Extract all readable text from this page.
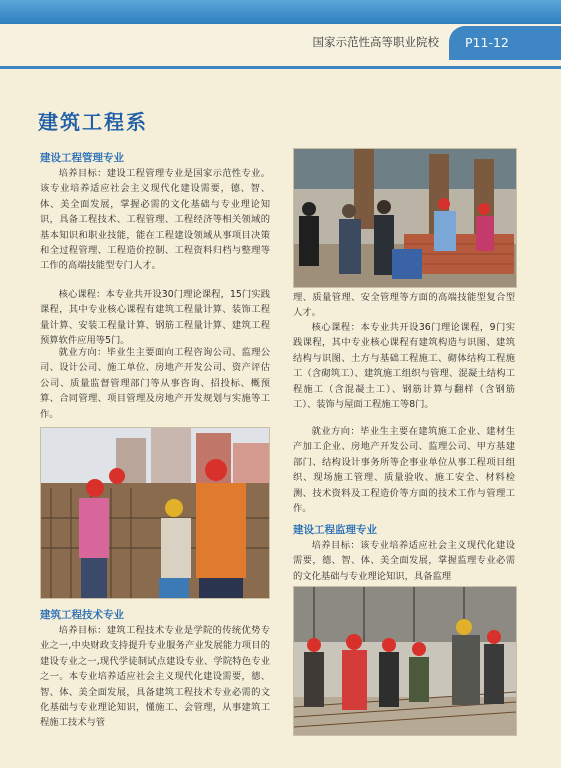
国家示范性高等职业院校	P11-12
建筑工程系
建设工程管理专业

培养目标：建设工程管理专业是国家示范性专业。该专业培养适应社会主义现代化建设需要，德、智、体、美全面发展，掌握必需的文化基础与专业理论知识，具备工程技术、工程管理、工程经济等相关领域的基本知识和职业技能，能在工程建设领域从事项目决策和全过程管理、工程造价控制、工程资料归档与整理等工作的高端技能型专门人才。

核心课程：本专业共开设30门理论课程，15门实践课程，其中专业核心课程有建筑工程量计算、装饰工程量计算、安装工程量计算、钢筋工程量计算、建筑工程预算软件应用等5门。

就业方向：毕业生主要面向工程咨询公司、监理公司、设计公司、施工单位、房地产开发公司、资产评估公司、质量监督管理部门等从事咨询、招投标、概预算、合同管理、项目管理及房地产开发规划与实施等工作。

建筑工程技术专业

培养目标：建筑工程技术专业是学院的传统优势专业之一,中央财政支持提升专业服务产业发展能力项目的建设专业之一,现代学徒制试点建设专业、学院特色专业之一。本专业培养适应社会主义现代化建设需要，德、智、体、美全面发展，具备建筑工程技术专业必需的文化基础与专业理论知识，懂施工、会管理，从事建筑工程施工技术与管

理、质量管理、安全管理等方面的高端技能型复合型人才。

核心课程：本专业共开设36门理论课程，9门实践课程，其中专业核心课程有建筑构造与识图、建筑结构与识图、土方与基础工程施工、砌体结构工程施工（含砌筑工）、建筑施工组织与管理、混凝土结构工程施工（含混凝土工）、钢筋计算与翻样（含钢筋工）、装饰与屋面工程施工等8门。

就业方向：毕业生主要在建筑施工企业、建材生产加工企业、房地产开发公司、监理公司、甲方基建部门、结构设计事务所等企事业单位从事工程项目组织、现场施工管理、质量验收、施工安全、材料检测、技术资料及工程造价等方面的技术工作与管理工作。

建设工程监理专业

培养目标：该专业培养适应社会主义现代化建设需要，德、智、体、美全面发展，掌握监理专业必需的文化基础与专业理论知识，具备监理
